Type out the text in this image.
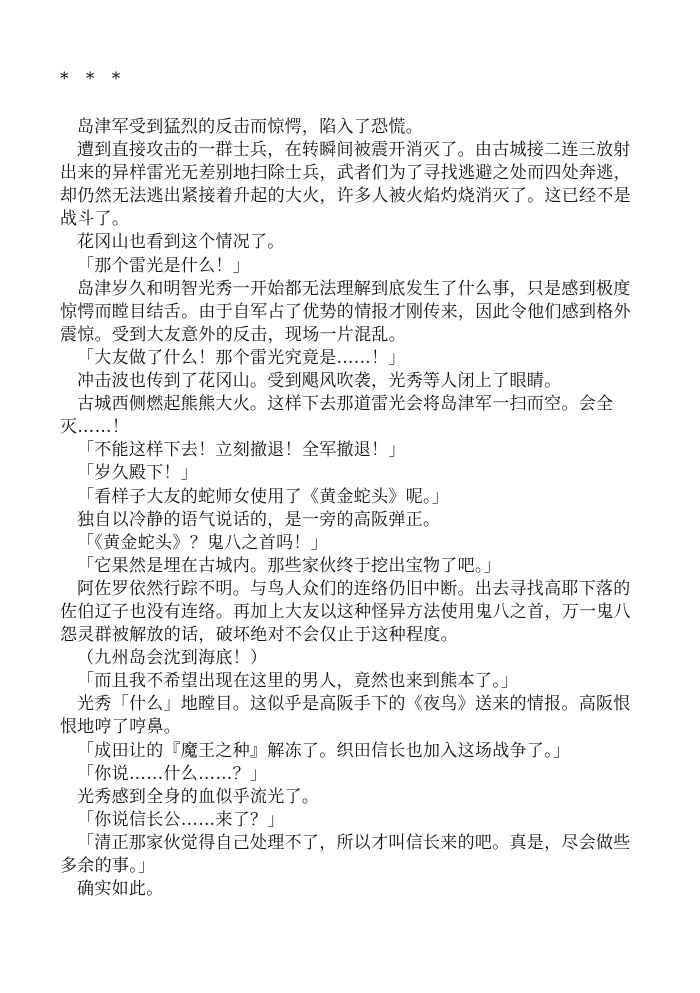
* * *

岛津军受到猛烈的反击而惊愕，陷入了恐慌。

遭到直接攻击的一群士兵，在转瞬间被震开消灭了。由古城接二连三放射出来的异样雷光无差别地扫除士兵，武者们为了寻找逃避之处而四处奔逃，却仍然无法逃出紧接着升起的大火，许多人被火焰灼烧消灭了。这已经不是战斗了。

花冈山也看到这个情况了。

「那个雷光是什么！」

岛津岁久和明智光秀一开始都无法理解到底发生了什么事，只是感到极度惊愕而瞠目结舌。由于自军占了优势的情报才刚传来，因此令他们感到格外震惊。受到大友意外的反击，现场一片混乱。

「大友做了什么！那个雷光究竟是……！」

冲击波也传到了花冈山。受到飓风吹袭，光秀等人闭上了眼睛。

古城西侧燃起熊熊大火。这样下去那道雷光会将岛津军一扫而空。会全灭……！

「不能这样下去！立刻撤退！全军撤退！」

「岁久殿下！」

「看样子大友的蛇师女使用了《黄金蛇头》呢。」

独自以冷静的语气说话的，是一旁的高阪弹正。

「《黄金蛇头》？鬼八之首吗！」

「它果然是埋在古城内。那些家伙终于挖出宝物了吧。」

阿佐罗依然行踪不明。与鸟人众们的连络仍旧中断。出去寻找高耶下落的佐伯辽子也没有连络。再加上大友以这种怪异方法使用鬼八之首，万一鬼八怨灵群被解放的话，破坏绝对不会仅止于这种程度。

（九州岛会沈到海底！）

「而且我不希望出现在这里的男人，竟然也来到熊本了。」

光秀「什么」地瞠目。这似乎是高阪手下的《夜鸟》送来的情报。高阪恨恨地哼了哼鼻。

「成田让的『魔王之种』解冻了。织田信长也加入这场战争了。」

「你说……什么……？」

光秀感到全身的血似乎流光了。

「你说信长公……来了？」

「清正那家伙觉得自己处理不了，所以才叫信长来的吧。真是，尽会做些多余的事。」

确实如此。
